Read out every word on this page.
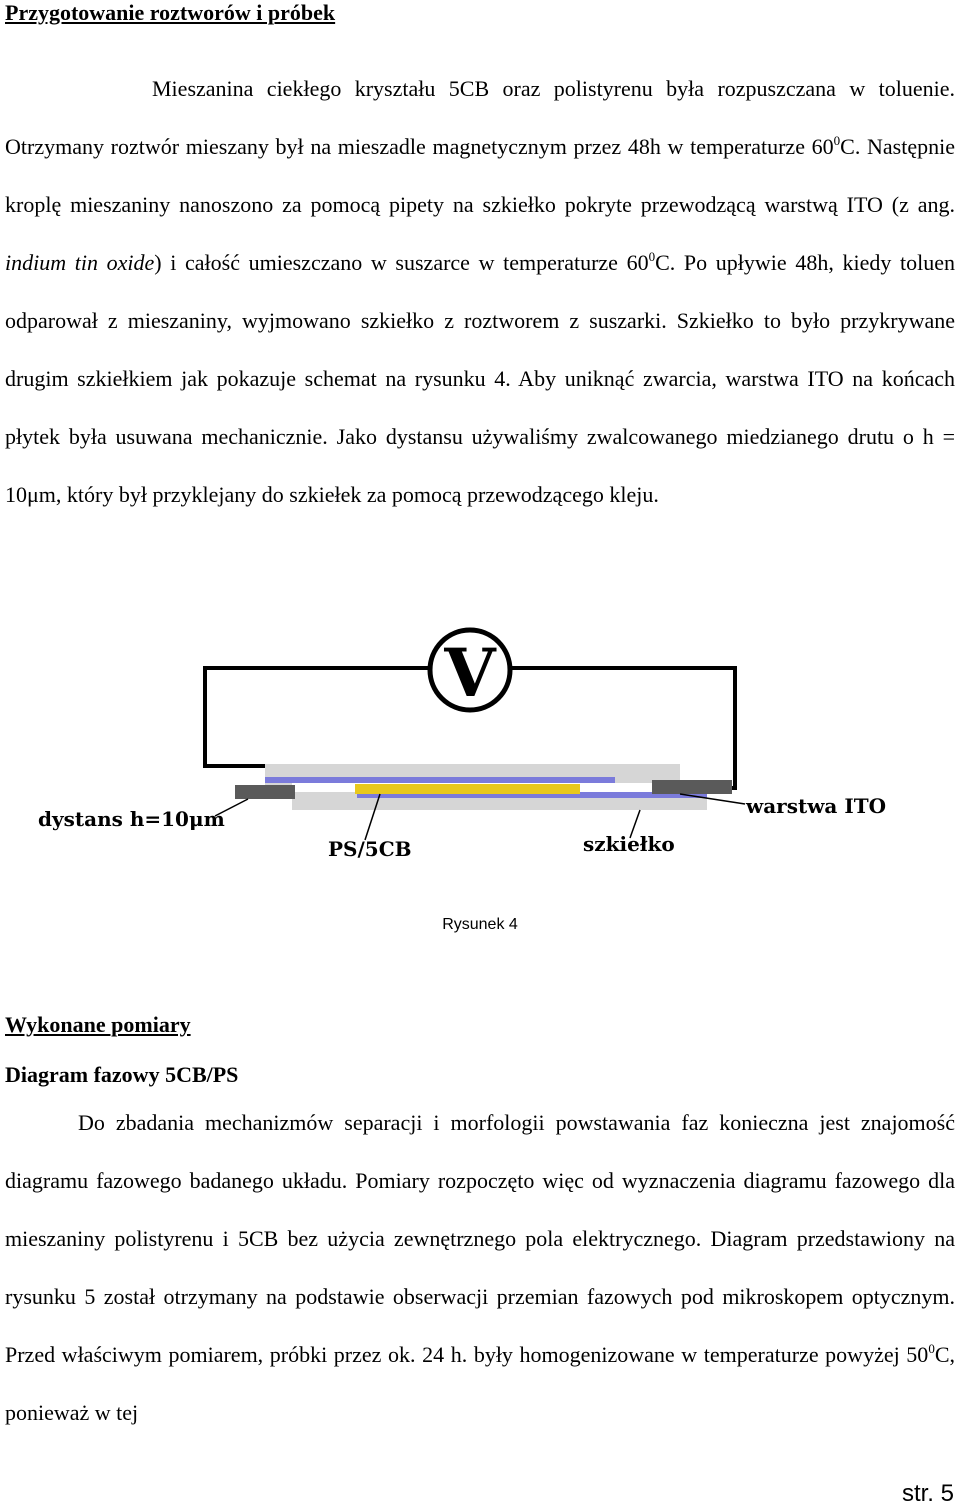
Przygotowanie roztworów i próbek

Mieszanina ciekłego kryształu 5CB oraz polistyrenu była rozpuszczana w toluenie. Otrzymany roztwór mieszany był na mieszadle magnetycznym przez 48h w temperaturze $60^0C$. Następnie kroplę mieszaniny nanoszono za pomocą pipety na szkiełko pokryte przewodzącą warstwą ITO (z ang. indium tin oxide) i całość umieszczano w suszarce w temperaturze $60^0C$. Po upływie 48h, kiedy toluen odparował z mieszaniny, wyjmowano szkiełko z roztworem z suszarki. Szkiełko to było przykrywane drugim szkiełkiem jak pokazuje schemat na rysunku 4. Aby uniknąć zwarcia, warstwa ITO na końcach płytek była usuwana mechanicznie. Jako dystansu używaliśmy zwalcowanego miedzianego drutu o h = 10μm, który był przyklejany do szkiełek za pomocą przewodzącego kleju.

V
dystans h=10μm
warstwa ITO
PS/5CB	szkiełko

Rysunek 4

Wykonane pomiary

Diagram fazowy 5CB/PS

Do zbadania mechanizmów separacji i morfologii powstawania faz konieczna jest znajomość diagramu fazowego badanego układu. Pomiary rozpoczęto więc od wyznaczenia diagramu fazowego dla mieszaniny polistyrenu i 5CB bez użycia zewnętrznego pola elektrycznego. Diagram przedstawiony na rysunku 5 został otrzymany na podstawie obserwacji przemian fazowych pod mikroskopem optycznym. Przed właściwym pomiarem, próbki przez ok. 24 h. były homogenizowane w temperaturze powyżej $50^0C$, ponieważ w tej

str. 5
